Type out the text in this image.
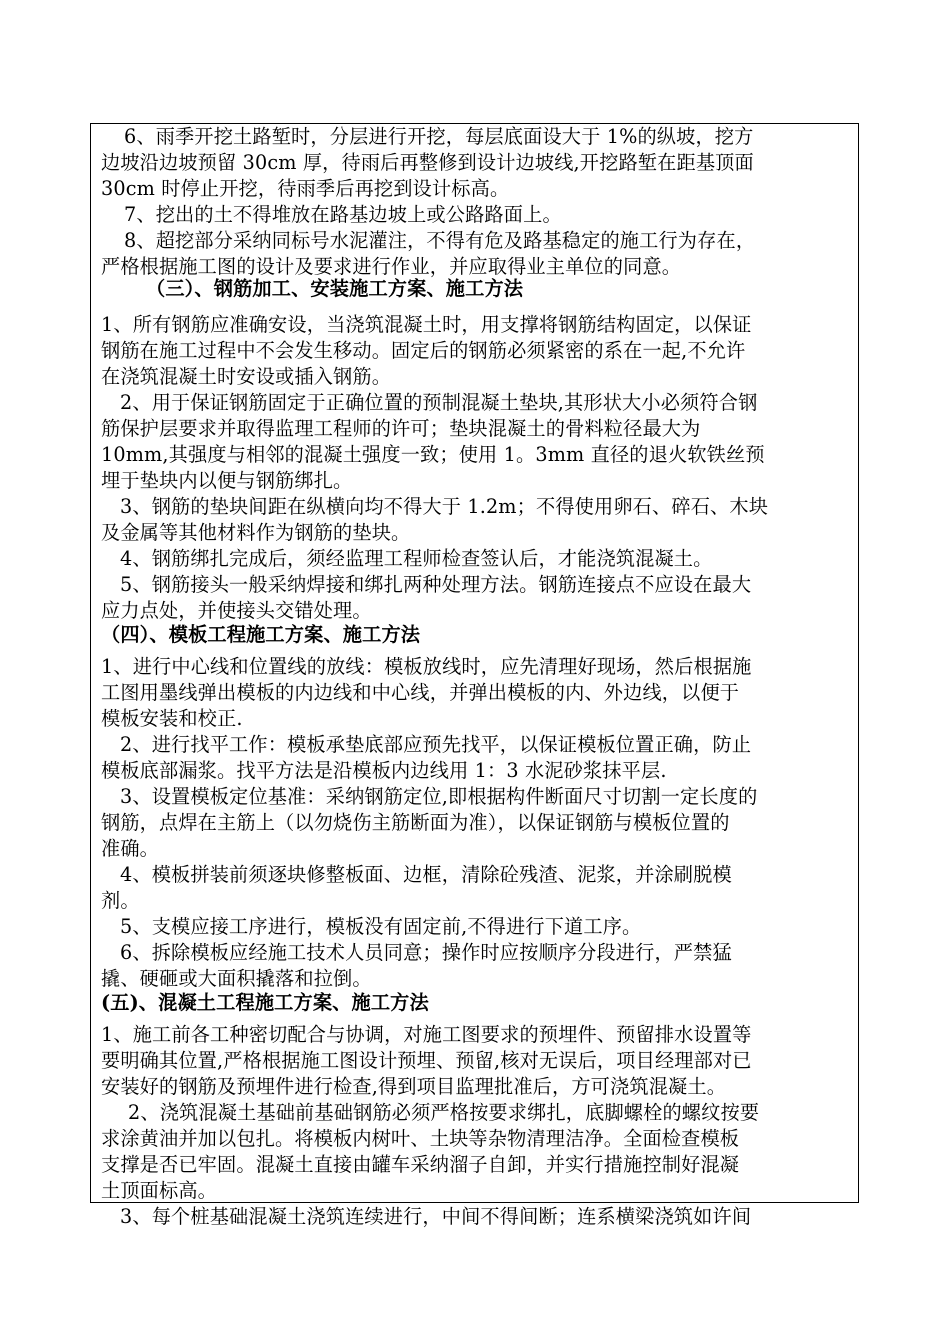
6、雨季开挖土路堑时，分层进行开挖，每层底面设大于 1%的纵坡，挖方
边坡沿边坡预留 30cm 厚，待雨后再整修到设计边坡线,开挖路堑在距基顶面
30cm 时停止开挖，待雨季后再挖到设计标高。
7、挖出的土不得堆放在路基边坡上或公路路面上。
8、超挖部分采纳同标号水泥灌注，不得有危及路基稳定的施工行为存在，
严格根据施工图的设计及要求进行作业，并应取得业主单位的同意。
（三）、钢筋加工、安装施工方案、施工方法
1、所有钢筋应准确安设，当浇筑混凝土时，用支撑将钢筋结构固定，以保证
钢筋在施工过程中不会发生移动。固定后的钢筋必须紧密的系在一起,不允许
在浇筑混凝土时安设或插入钢筋。
2、用于保证钢筋固定于正确位置的预制混凝土垫块,其形状大小必须符合钢
筋保护层要求并取得监理工程师的许可；垫块混凝土的骨料粒径最大为
10mm,其强度与相邻的混凝土强度一致；使用 1。3mm 直径的退火软铁丝预
埋于垫块内以便与钢筋绑扎。
3、钢筋的垫块间距在纵横向均不得大于 1.2m；不得使用卵石、碎石、木块
及金属等其他材料作为钢筋的垫块。
4、钢筋绑扎完成后，须经监理工程师检查签认后，才能浇筑混凝土。
5、钢筋接头一般采纳焊接和绑扎两种处理方法。钢筋连接点不应设在最大
应力点处，并使接头交错处理。
（四）、模板工程施工方案、施工方法
1、进行中心线和位置线的放线：模板放线时，应先清理好现场，然后根据施
工图用墨线弹出模板的内边线和中心线，并弹出模板的内、外边线，以便于
模板安装和校正.
2、进行找平工作：模板承垫底部应预先找平，以保证模板位置正确，防止
模板底部漏浆。找平方法是沿模板内边线用 1：3 水泥砂浆抹平层.
3、设置模板定位基准：采纳钢筋定位,即根据构件断面尺寸切割一定长度的
钢筋，点焊在主筋上（以勿烧伤主筋断面为准），以保证钢筋与模板位置的
准确。
4、模板拼装前须逐块修整板面、边框，清除砼残渣、泥浆，并涂刷脱模
剂。
5、支模应接工序进行，模板没有固定前,不得进行下道工序。
6、拆除模板应经施工技术人员同意；操作时应按顺序分段进行，严禁猛
撬、硬砸或大面积撬落和拉倒。
(五)、混凝土工程施工方案、施工方法
1、施工前各工种密切配合与协调，对施工图要求的预埋件、预留排水设置等
要明确其位置,严格根据施工图设计预埋、预留,核对无误后，项目经理部对已
安装好的钢筋及预埋件进行检查,得到项目监理批准后，方可浇筑混凝土。
2、浇筑混凝土基础前基础钢筋必须严格按要求绑扎，底脚螺栓的螺纹按要
求涂黄油并加以包扎。将模板内树叶、土块等杂物清理洁净。全面检查模板
支撑是否已牢固。混凝土直接由罐车采纳溜子自卸，并实行措施控制好混凝
土顶面标高。
3、每个桩基础混凝土浇筑连续进行，中间不得间断；连系横梁浇筑如许间
